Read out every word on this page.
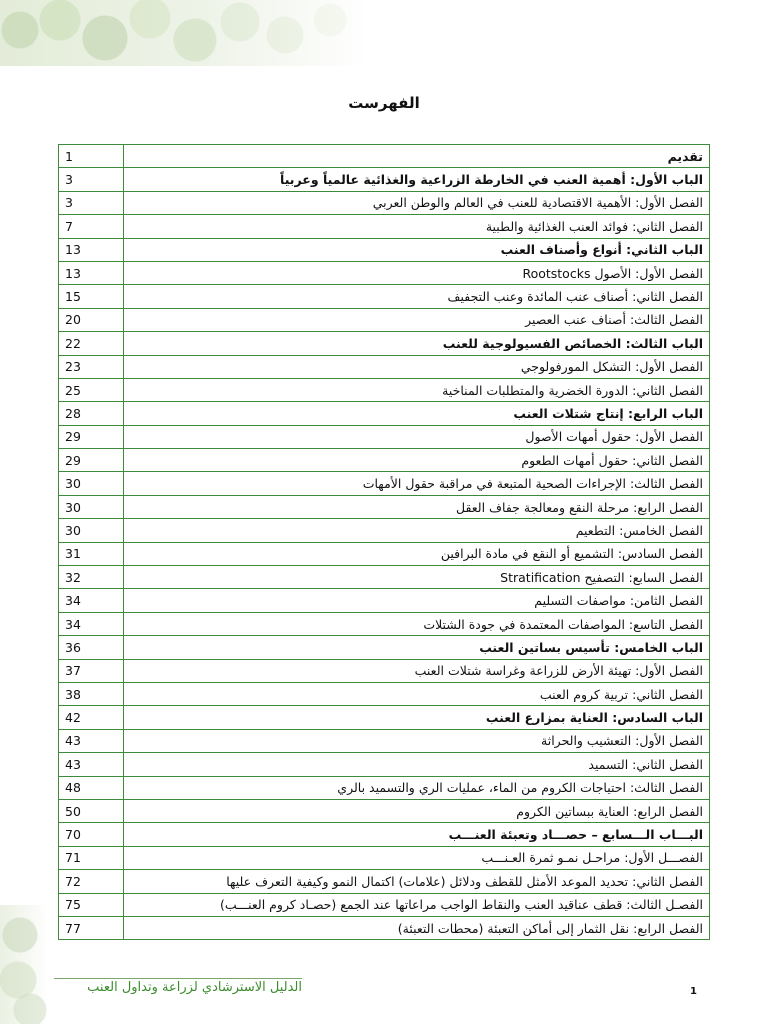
الفهرست
1	تقديم
3	الباب الأول: أهمية العنب في الخارطة الزراعية والغذائية عالمياً وعربياً
3	الفصل الأول: الأهمية الاقتصادية للعنب في العالم والوطن العربي
7	الفصل الثاني: فوائد العنب الغذائية والطبية
13	الباب الثاني: أنواع وأصناف العنب
13	الفصل الأول: الأصول Rootstocks
15	الفصل الثاني: أصناف عنب المائدة وعنب التجفيف
20	الفصل الثالث: أصناف عنب العصير
22	الباب الثالث: الخصائص الفسيولوجية للعنب
23	الفصل الأول: التشكل المورفولوجي
25	الفصل الثاني: الدورة الخضرية والمتطلبات المناخية
28	الباب الرابع: إنتاج شتلات العنب
29	الفصل الأول: حقول أمهات الأصول
29	الفصل الثاني: حقول أمهات الطعوم
30	الفصل الثالث: الإجراءات الصحية المتبعة في مراقبة حقول الأمهات
30	الفصل الرابع: مرحلة النقع ومعالجة جفاف العقل
30	الفصل الخامس: التطعيم
31	الفصل السادس: التشميع أو النقع في مادة البرافين
32	الفصل السابع: التصفيح Stratification
34	الفصل الثامن: مواصفات التسليم
34	الفصل التاسع: المواصفات المعتمدة في جودة الشتلات
36	الباب الخامس: تأسيس بساتين العنب
37	الفصل الأول: تهيئة الأرض للزراعة وغراسة شتلات العنب
38	الفصل الثاني: تربية كروم العنب
42	الباب السادس: العناية بمزارع العنب
43	الفصل الأول: التعشيب والحراثة
43	الفصل الثاني: التسميد
48	الفصل الثالث: احتياجات الكروم من الماء، عمليات الري والتسميد بالري
50	الفصل الرابع: العناية ببساتين الكروم
70	البـــاب الـــسابع – حصـــاد وتعبئة العنـــب
71	الفصـــل الأول: مراحـل نمـو ثمرة العـنـــب
72	الفصل الثاني: تحديد الموعد الأمثل للقطف ودلائل (علامات) اكتمال النمو وكيفية التعرف عليها
75	الفصـل الثالث: قطف عناقيد العنب والنقاط الواجب مراعاتها عند الجمع (حصـاد كروم العنـــب)
77	الفصل الرابع: نقل الثمار إلى أماكن التعبئة (محطات التعبئة)
الدليل الاسترشادي لزراعة وتداول العنب	1
